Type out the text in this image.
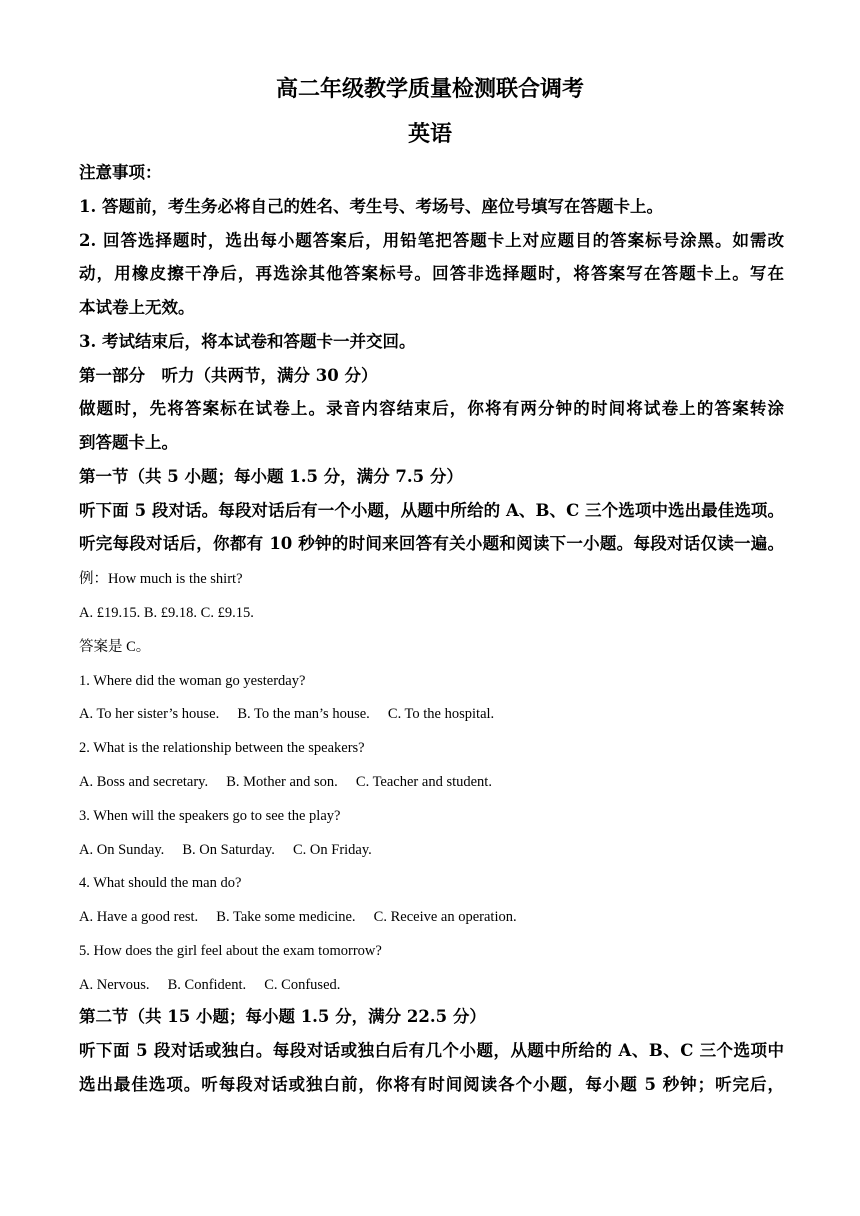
高二年级教学质量检测联合调考
英语
注意事项：
1. 答题前，考生务必将自己的姓名、考生号、考场号、座位号填写在答题卡上。
2. 回答选择题时，选出每小题答案后，用铅笔把答题卡上对应题目的答案标号涂黑。如需改
动，用橡皮擦干净后，再选涂其他答案标号。回答非选择题时，将答案写在答题卡上。写在
本试卷上无效。
3. 考试结束后，将本试卷和答题卡一并交回。
第一部分　听力（共两节，满分 30 分）
做题时，先将答案标在试卷上。录音内容结束后，你将有两分钟的时间将试卷上的答案转涂
到答题卡上。
第一节（共 5 小题；每小题 1.5 分，满分 7.5 分）
听下面 5 段对话。每段对话后有一个小题，从题中所给的 A、B、C 三个选项中选出最佳选项。
听完每段对话后，你都有 10 秒钟的时间来回答有关小题和阅读下一小题。每段对话仅读一遍。
例：How much is the shirt?
A. £19.15. B. £9.18. C. £9.15.
答案是 C。
1. Where did the woman go yesterday?
A. To her sister’s house.　 B. To the man’s house.　 C. To the hospital.
2. What is the relationship between the speakers?
A. Boss and secretary.　 B. Mother and son.　 C. Teacher and student.
3. When will the speakers go to see the play?
A. On Sunday.　 B. On Saturday.　 C. On Friday.
4. What should the man do?
A. Have a good rest.　 B. Take some medicine.　 C. Receive an operation.
5. How does the girl feel about the exam tomorrow?
A. Nervous.　 B. Confident.　 C. Confused.
第二节（共 15 小题；每小题 1.5 分，满分 22.5 分）
听下面 5 段对话或独白。每段对话或独白后有几个小题，从题中所给的 A、B、C 三个选项中
选出最佳选项。听每段对话或独白前，你将有时间阅读各个小题，每小题 5 秒钟；听完后，
